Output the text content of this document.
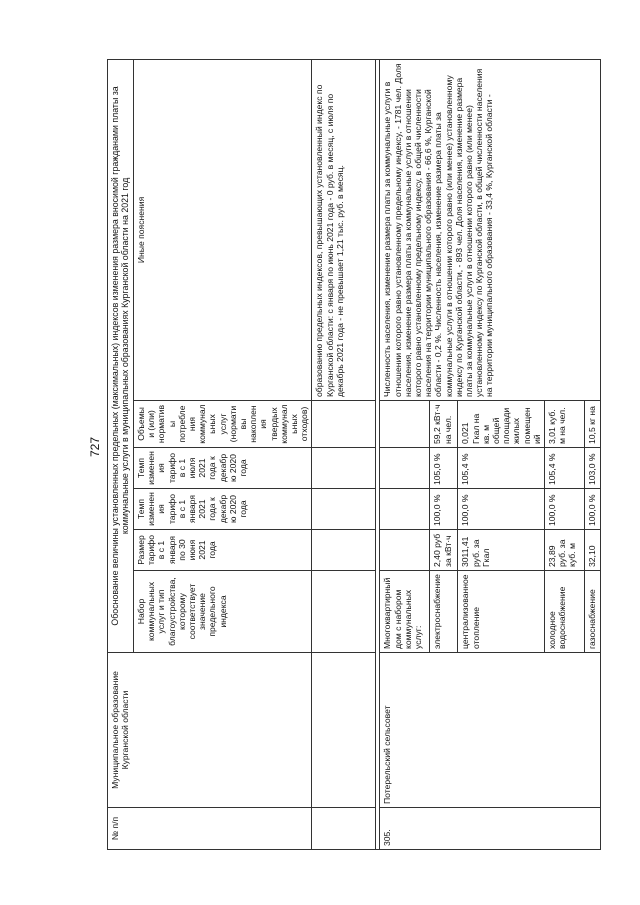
727
№ п/п	Муниципальное образование Курганской области	Обоснование величины установленных предельных (максимальных) индексов изменения размера вносимой гражданами платы за коммунальные услуги в муниципальных образованиях Курганской области на 2021 год					
		Набор коммунальных услуг и тип благоустройства, которому соответствует значение предельного индекса	Размер тарифов с 1 января по 30 июня 2021 года	Темп изменения тарифов с 1 января 2021 года к декабрю 2020 года	Темп изменения тарифов с 1 июля 2021 года к декабрю 2020 года	Объемы и (или) нормативы потребления коммунальных услуг (нормативы накопления твердых коммунальных отходов)	Иные пояснения
							образованию предельных индексов, превышающих установленный индекс по Курганской области: с января по июнь 2021 года - 0 руб. в месяц, с июля по декабрь 2021 года - не превышает 1,21 тыс. руб. в месяц.

305.	Потерельский сельсовет	Многоквартирный дом с набором коммунальных услуг:					Численность населения, изменение размера платы за коммунальные услуги в отношении которого равно установленному предельному индексу, - 1781 чел. Доля населения, изменение размера платы за коммунальные услуги в отношении которого равно установленному предельному индексу, в общей численности населения на территории муниципального образования - 66,6 %, Курганской области - 0,2 %. Численность населения, изменение размера платы за коммунальные услуги в отношении которого равно (или менее) установленному индексу по Курганской области, - 893 чел. Доля населения, изменение размера платы за коммунальные услуги в отношении которого равно (или менее) установленному индексу по Курганской области, в общей численности населения на территории муниципального образования - 33,4 %, Курганской области -
		электроснабжение	2,40 руб за кВт·ч	100,0 %	105,0 %	59,2 кВт·ч на чел.	
		централизованное отопление	3011,41 руб. за Гкал	100,0 %	105,4 %	0,021 Гкал на кв. м общей площади жилых помещений	
		холодное водоснабжение	23,89 руб. за куб. м	100,0 %	105,4 %	3,01 куб. м на чел.	
		газоснабжение	32,10	100,0 %	103,0 %	10,5 кг на	
